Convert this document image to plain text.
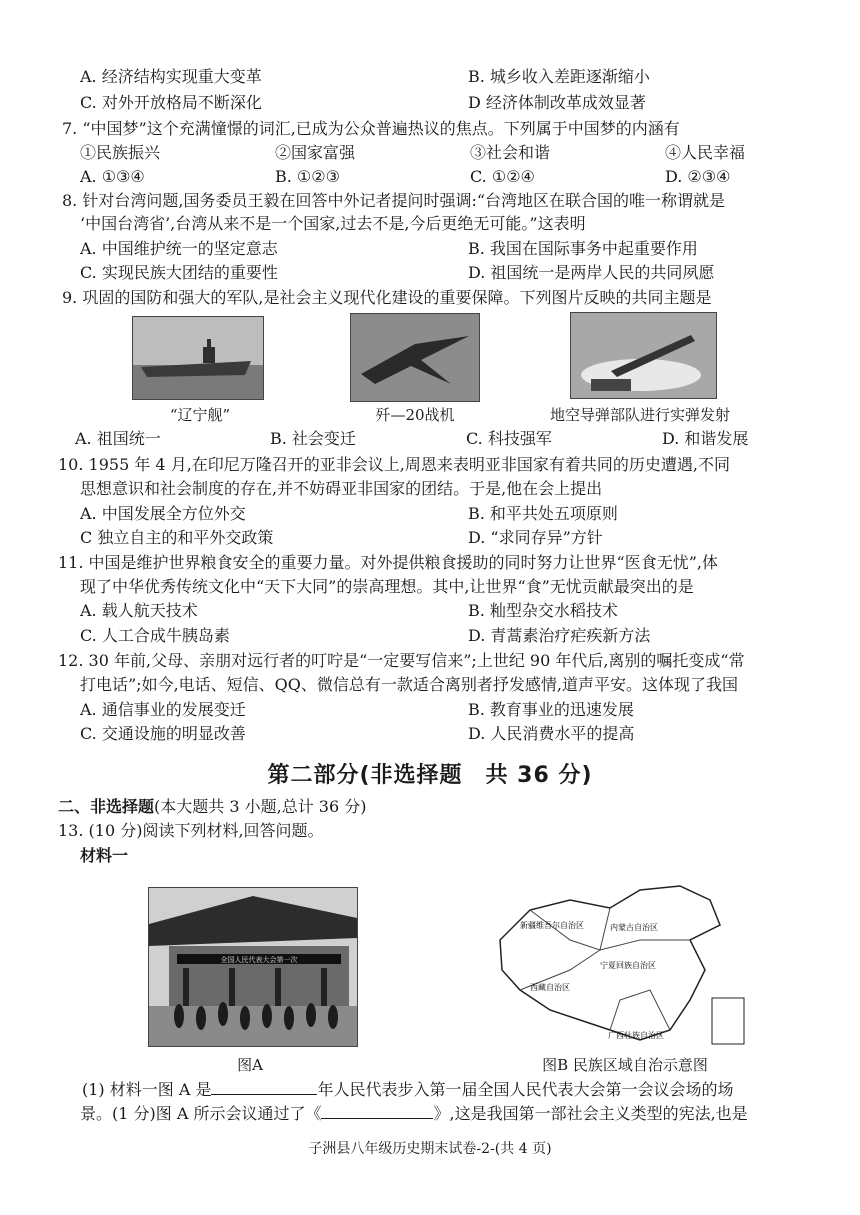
A. 经济结构实现重大变革	B. 城乡收入差距逐渐缩小
C. 对外开放格局不断深化	D 经济体制改革成效显著
7. “中国梦”这个充满憧憬的词汇,已成为公众普遍热议的焦点。下列属于中国梦的内涵有
①民族振兴	②国家富强	③社会和谐	④人民幸福
A. ①③④	B. ①②③	C. ①②④	D. ②③④
8. 针对台湾问题,国务委员王毅在回答中外记者提问时强调:“台湾地区在联合国的唯一称谓就是
‘中国台湾省’,台湾从来不是一个国家,过去不是,今后更绝无可能。”这表明
A. 中国维护统一的坚定意志	B. 我国在国际事务中起重要作用
C. 实现民族大团结的重要性	D. 祖国统一是两岸人民的共同夙愿
9. 巩固的国防和强大的军队,是社会主义现代化建设的重要保障。下列图片反映的共同主题是
“辽宁舰”	歼—20战机	地空导弹部队进行实弹发射
A. 祖国统一	B. 社会变迁	C. 科技强军	D. 和谐发展
10. 1955 年 4 月,在印尼万隆召开的亚非会议上,周恩来表明亚非国家有着共同的历史遭遇,不同
思想意识和社会制度的存在,并不妨碍亚非国家的团结。于是,他在会上提出
A. 中国发展全方位外交	B. 和平共处五项原则
C 独立自主的和平外交政策	D. “求同存异”方针
11. 中国是维护世界粮食安全的重要力量。对外提供粮食援助的同时努力让世界“医食无忧”,体
现了中华优秀传统文化中“天下大同”的崇高理想。其中,让世界“食”无忧贡献最突出的是
A. 载人航天技术	B. 籼型杂交水稻技术
C. 人工合成牛胰岛素	D. 青蒿素治疗疟疾新方法
12. 30 年前,父母、亲朋对远行者的叮咛是“一定要写信来”;上世纪 90 年代后,离别的嘱托变成“常
打电话”;如今,电话、短信、QQ、微信总有一款适合离别者抒发感情,道声平安。这体现了我国
A. 通信事业的发展变迁	B. 教育事业的迅速发展
C. 交通设施的明显改善	D. 人民消费水平的提高
第二部分(非选择题　共 36 分)
二、非选择题(本大题共 3 小题,总计 36 分)
13. (10 分)阅读下列材料,回答问题。
材料一
全国人民代表大会第一次
新疆维吾尔自治区	内蒙古自治区
西藏自治区
宁夏回族自治区
广西壮族自治区
图A	图B 民族区域自治示意图
(1) 材料一图 A 是	年人民代表步入第一届全国人民代表大会第一会议会场的场
景。(1 分)图 A 所示会议通过了《	》,这是我国第一部社会主义类型的宪法,也是
子洲县八年级历史期末试卷-2-(共 4 页)
